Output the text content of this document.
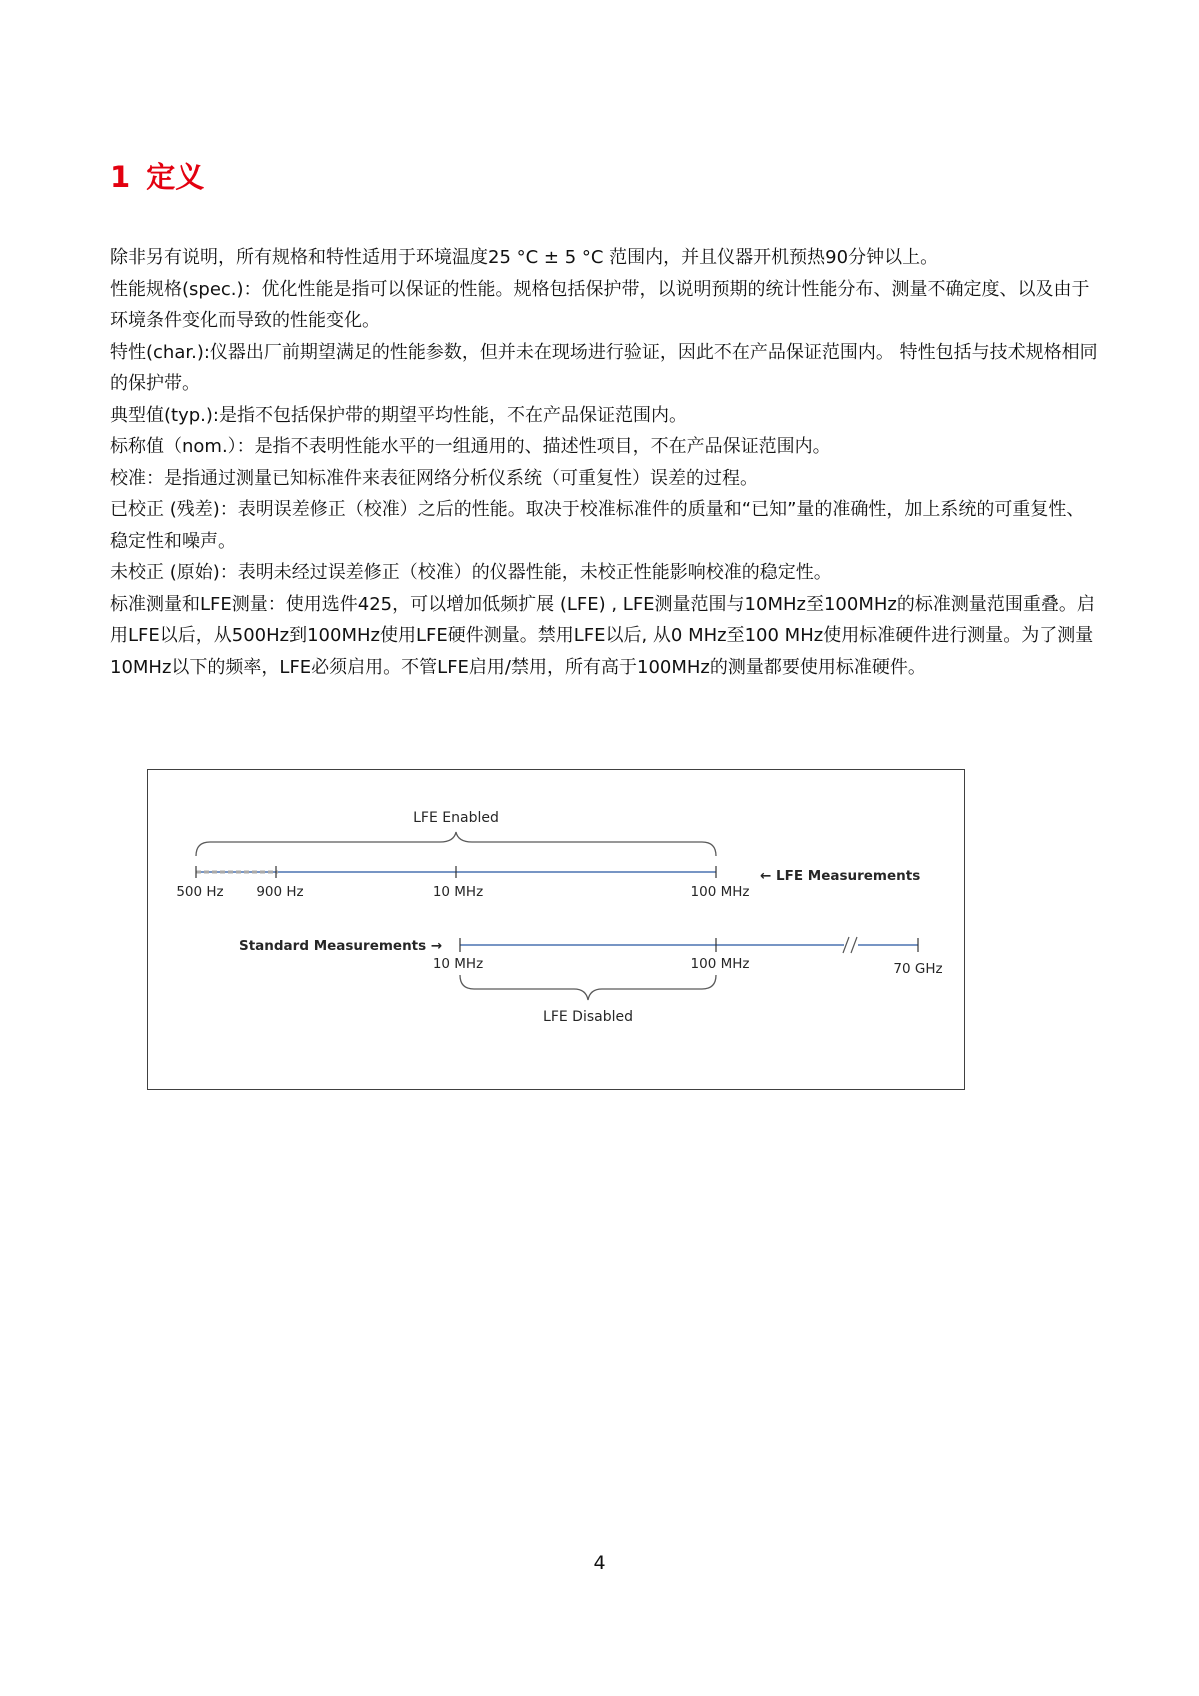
1 定义

除非另有说明，所有规格和特性适用于环境温度25 °C ± 5 °C 范围内，并且仪器开机预热90分钟以上。

性能规格(spec.)：优化性能是指可以保证的性能。规格包括保护带，以说明预期的统计性能分布、测量不确定度、以及由于环境条件变化而导致的性能变化。

特性(char.):仪器出厂前期望满足的性能参数，但并未在现场进行验证，因此不在产品保证范围内。 特性包括与技术规格相同的保护带。

典型值(typ.):是指不包括保护带的期望平均性能，不在产品保证范围内。

标称值（nom.）：是指不表明性能水平的一组通用的、描述性项目，不在产品保证范围内。

校准：是指通过测量已知标准件来表征网络分析仪系统（可重复性）误差的过程。

已校正 (残差)：表明误差修正（校准）之后的性能。取决于校准标准件的质量和“已知”量的准确性，加上系统的可重复性、稳定性和噪声。

未校正 (原始)：表明未经过误差修正（校准）的仪器性能，未校正性能影响校准的稳定性。

标准测量和LFE测量：使用选件425，可以增加低频扩展 (LFE) , LFE测量范围与10MHz至100MHz的标准测量范围重叠。启用LFE以后，从500Hz到100MHz使用LFE硬件测量。禁用LFE以后, 从0 MHz至100 MHz使用标准硬件进行测量。为了测量10MHz以下的频率，LFE必须启用。不管LFE启用/禁用，所有高于100MHz的测量都要使用标准硬件。

LFE Enabled
500 Hz 900 Hz	10 MHz	100 MHz
← LFE Measurements
Standard Measurements →
10 MHz	100 MHz	70 GHz
LFE Disabled
4
